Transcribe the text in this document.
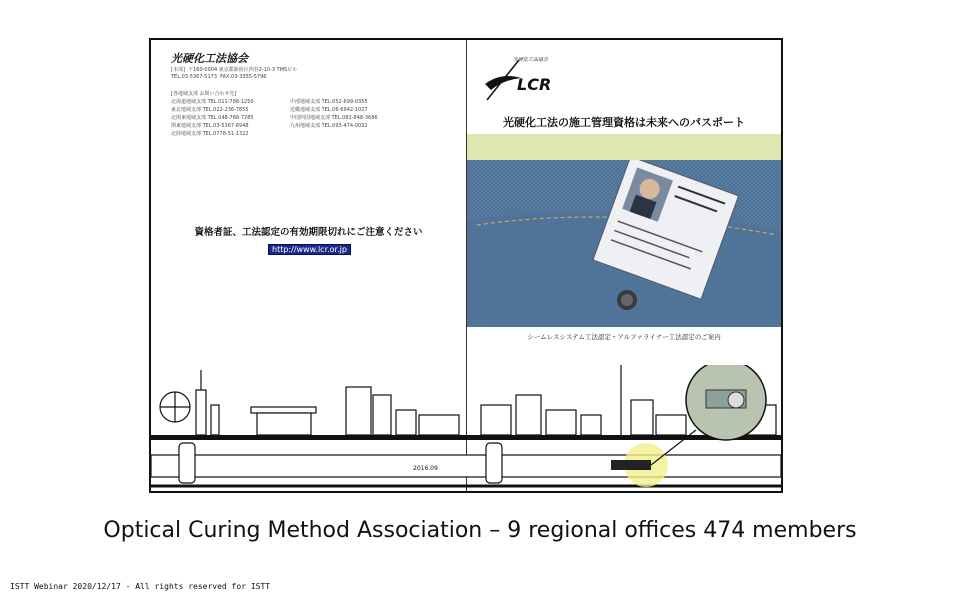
光硬化工法協会
[本部]  〒160-0004 東京都新宿区四谷2-10-3 TMSビル
TEL.03-5367-5173  FAX.03-3355-5796
[各地域支部 お問い合わせ先]
北海道地域支部 TEL.011-788-1250	中部地域支部 TEL.052-699-0355
東北地域支部 TEL.022-236-7855	近畿地域支部 TEL.06-6942-1027
北関東地域支部 TEL.048-768-7285	中国四国地域支部 TEL.082-848-3686
関東地域支部 TEL.03-5367-6948	九州地域支部 TEL.093-474-0032
北陸地域支部 TEL.0778-51-1322
資格者証、工法認定の有効期限切れにご注意ください
http://www.lcr.or.jp
LCR
光硬化工法協会
光硬化工法の施工管理資格は未来へのパスポート
シームレスシステム工法認定・アルファライナー工法認定のご案内
2016.09
Optical Curing Method Association – 9 regional offices 474 members
ISTT Webinar 2020/12/17 - All rights reserved for ISTT
